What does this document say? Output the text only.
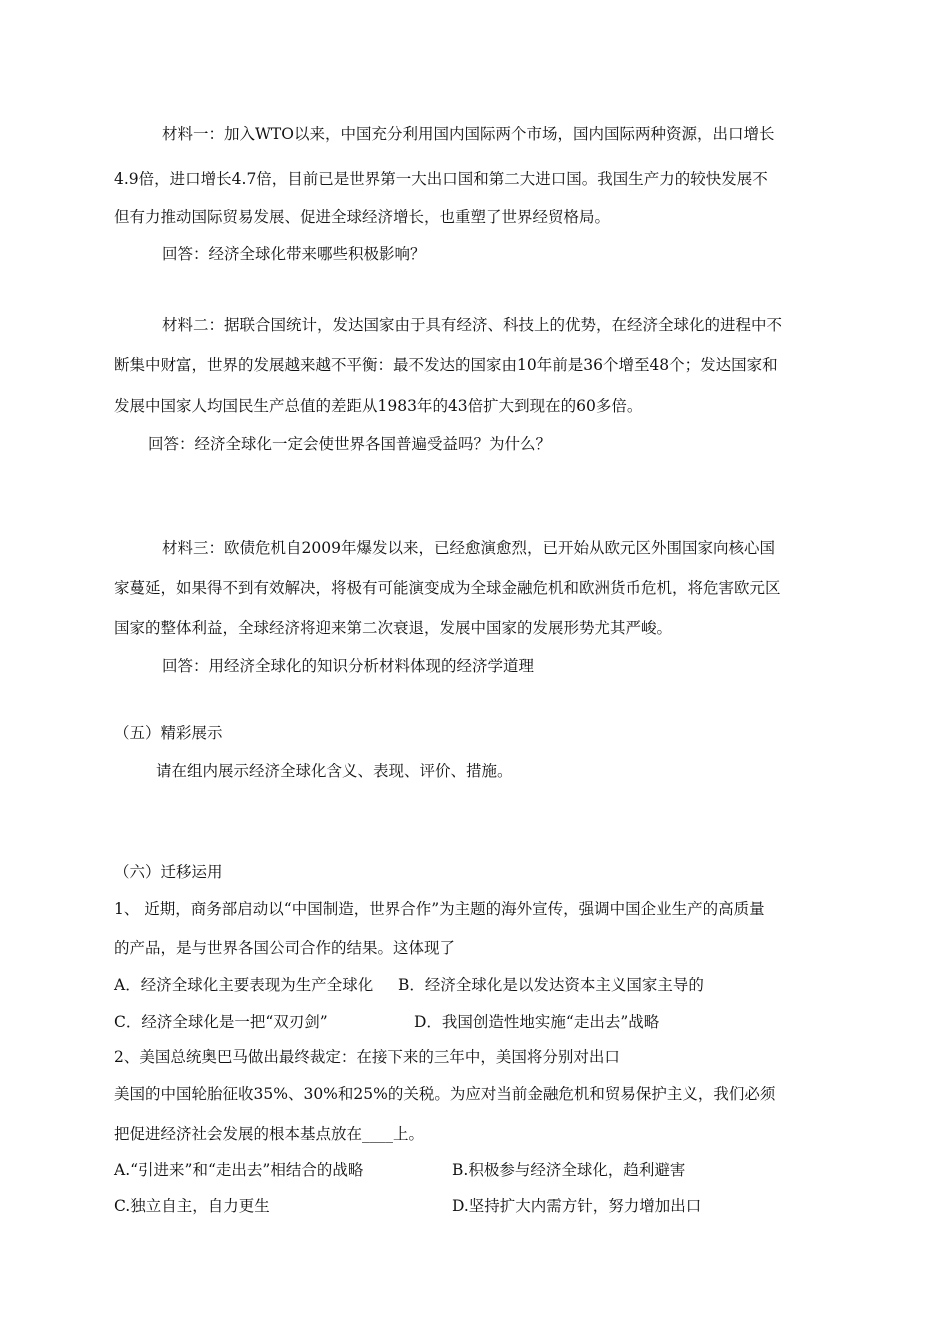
材料一：加入WTO以来，中国充分利用国内国际两个市场，国内国际两种资源，出口增长
4.9倍，进口增长4.7倍，目前已是世界第一大出口国和第二大进口国。我国生产力的较快发展不
但有力推动国际贸易发展、促进全球经济增长，也重塑了世界经贸格局。
回答：经济全球化带来哪些积极影响？
材料二：据联合国统计，发达国家由于具有经济、科技上的优势，在经济全球化的进程中不
断集中财富，世界的发展越来越不平衡：最不发达的国家由10年前是36个增至48个；发达国家和
发展中国家人均国民生产总值的差距从1983年的43倍扩大到现在的60多倍。
回答：经济全球化一定会使世界各国普遍受益吗？为什么？
材料三：欧债危机自2009年爆发以来，已经愈演愈烈，已开始从欧元区外围国家向核心国
家蔓延，如果得不到有效解决，将极有可能演变成为全球金融危机和欧洲货币危机，将危害欧元区
国家的整体利益，全球经济将迎来第二次衰退，发展中国家的发展形势尤其严峻。
回答：用经济全球化的知识分析材料体现的经济学道理
（五）精彩展示
请在组内展示经济全球化含义、表现、评价、措施。
（六）迁移运用
1、 近期，商务部启动以“中国制造，世界合作”为主题的海外宣传，强调中国企业生产的高质量
的产品，是与世界各国公司合作的结果。这体现了
A．经济全球化主要表现为生产全球化 B．经济全球化是以发达资本主义国家主导的
C．经济全球化是一把“双刃剑”	D．我国创造性地实施“走出去”战略
2、美国总统奥巴马做出最终裁定：在接下来的三年中，美国将分别对出口
美国的中国轮胎征收35%、30%和25%的关税。为应对当前金融危机和贸易保护主义，我们必须
把促进经济社会发展的根本基点放在____上。
A.“引进来”和“走出去”相结合的战略	B.积极参与经济全球化，趋利避害
C.独立自主，自力更生	D.坚持扩大内需方针，努力增加出口
